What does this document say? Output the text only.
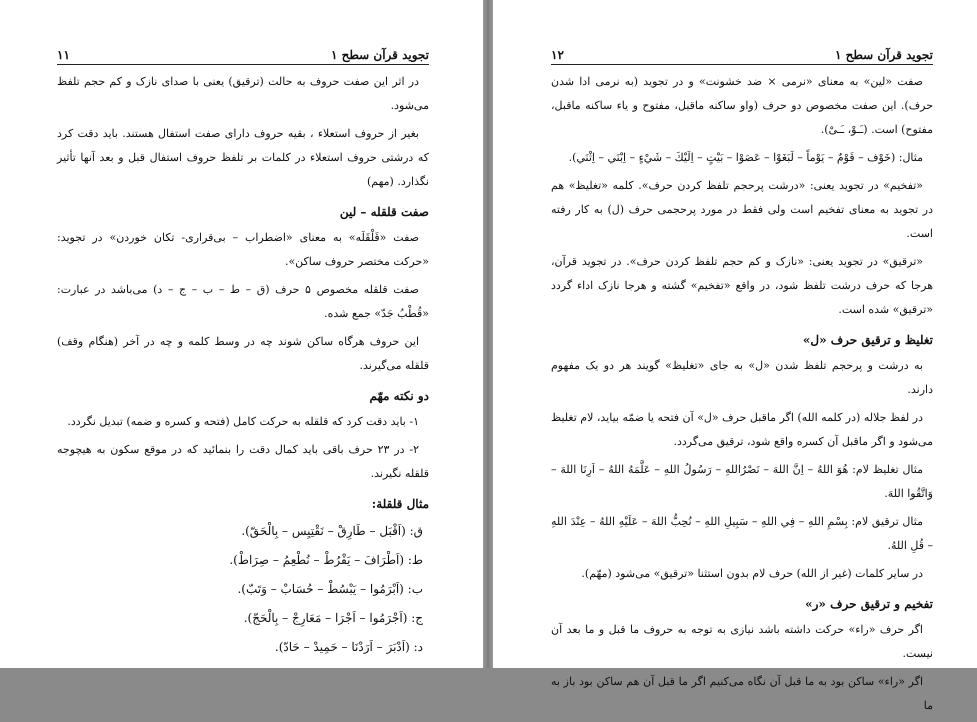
تجوید قرآن سطح ۱
۱۱
در اثر این صفت حروف به حالت (ترقیق) یعنی با صدای نازک و کم حجم تلفظ می‌شود.
بغیر از حروف استعلاء ، بقیه حروف دارای صفت استفال هستند. باید دقت کرد که درشتی حروف استعلاء در کلمات بر تلفظ حروف استفال قبل و بعد آنها تأثیر نگذارد. (مهم)
صفت قلقله – لین
صفت «قَلْقَلَه» به معنای «اضطراب – بی‌قراری- تکان خوردن» در تجوید: «حرکت مختصر حروف ساکن».
صفت قلقله مخصوص ۵ حرف (ق – ط – ب – ج – د) می‌باشد در عبارت: «قُطْبُ جَدّ» جمع شده.
این حروف هرگاه ساکن شوند چه در وسط کلمه و چه در آخر (هنگام وقف) قلقله می‌گیرند.
دو نکته مهّم
۱- باید دقت کرد که قلقله به حرکت کامل (فتحه و کسره و ضمه) تبدیل نگردد.
۲- در ۲۳ حرف باقی باید کمال دقت را بنمائید که در موقع سکون به هیچوجه قلقله نگیرند.
مثال قلقلة:
ق: (اَقْبَل – طَارِقْ – نَقْتِيِس – بِالْحَقّ).
ط: (اَطْرَافَ – يَفْرُطْ – نُطْعِمُ – صِرَاطْ).
ب: (اَبْرَمُوا – يَبْسُطْ – حُسَابْ – وَتَبّ).
ج: (اَجْرَمُوا – اَجْرَا – مَعَارِجْ – بِالْحَجّ).
د: (اَدْبَرَ – اَرَدْنَا – حَمِيدْ – حَادّ).
تجوید قرآن سطح ۱
۱۲
صفت «لین» به معنای «نرمی × ضد خشونت» و در تجوید (به نرمی ادا شدن حرف). این صفت مخصوص دو حرف (واو ساکنه ماقبل، مفتوح و یاء ساکنه ماقبل، مفتوح) است. (ـَـوْ، ـَـیْ).
مثال: (خَوْف – قَوْمٌ – يَوْماً – لَبَغَوْا – عَصَوْا – بَيْتٍ – اِلَيْكَ – شَيْءٍ – اِبْنَي – اِثْنَي).
«تفخیم» در تجوید یعنی: «درشت پرحجم تلفظ کردن حرف». کلمه «تغلیظ» هم در تجوید به معنای تفخیم است ولی فقط در مورد پرحجمی حرف (ل) به کار رفته است.
«ترقیق» در تجوید یعنی: «نازک و کم حجم تلفظ کردن حرف». در تجوید قرآن، هرجا که حرف درشت تلفظ شود، در واقع «تفخیم» گشته و هرجا نازک اداء گردد «ترقیق» شده است.
تغلیظ و ترقیق حرف «ل»
به درشت و پرحجم تلفظ شدن «ل» به جای «تغلیظ» گویند هر دو یک مفهوم دارند.
در لفظ جلاله (در کلمه الله) اگر ماقبل حرف «ل» آن فتحه یا ضمّه بیاید، لام تغلیظ می‌شود و اگر ماقبل آن کسره واقع شود، ترقیق می‌گردد.
مثال تغلیظ لام: هُوَ اللهُ – اِنَّ اللهَ – نَصْرُاللهِ – رَسُولُ اللهِ – عَلَّمَهُ اللهُ – اَرِنَا اللهَ – وَاتَّقُوا اللهَ.
مثال ترقیق لام: بِسْمِ اللهِ – فِي اللهِ – سَبِيلِ اللهِ – نُحِبُّ اللهَ – عَلَيْهِ اللهُ – عِنْدَ اللهِ – قُلِ اللهُ.
در سایر کلمات (غیر از الله) حرف لام بدون استثنا «ترقیق» می‌شود (مهّم).
تفخیم و ترقیق حرف «ر»
اگر حرف «راء» حرکت داشته باشد نیازی به توجه به حروف ما قبل و ما بعد آن نیست.
اگر «راء» ساکن بود به ما قبل آن نگاه می‌کنیم اگر ما قبل آن هم ساکن بود باز به ما
